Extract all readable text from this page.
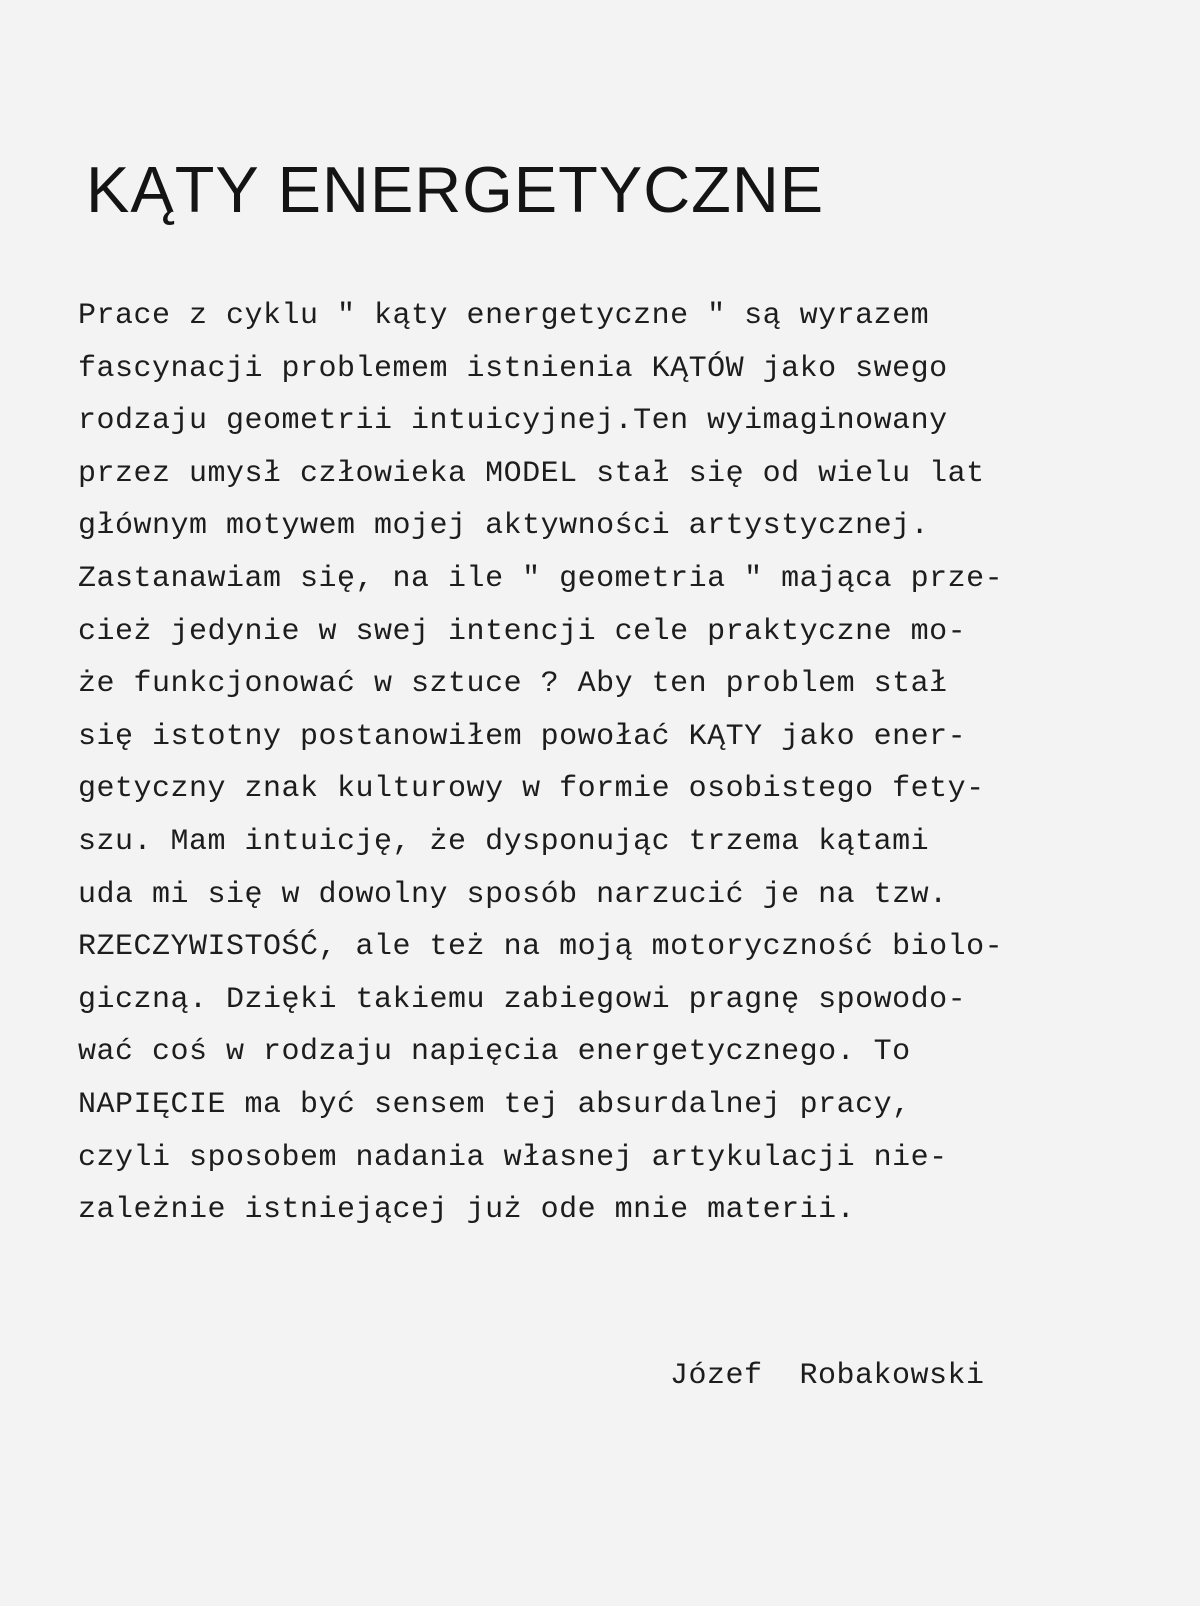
KĄTY ENERGETYCZNE
Prace z cyklu " kąty energetyczne " są wyrazem
fascynacji problemem istnienia KĄTÓW jako swego
rodzaju geometrii intuicyjnej.Ten wyimaginowany
przez umysł człowieka MODEL stał się od wielu lat
głównym motywem mojej aktywności artystycznej.
Zastanawiam się, na ile " geometria " mająca prze-
cież jedynie w swej intencji cele praktyczne mo-
że funkcjonować w sztuce ? Aby ten problem stał
się istotny postanowiłem powołać KĄTY jako ener-
getyczny znak kulturowy w formie osobistego fety-
szu. Mam intuicję, że dysponując trzema kątami
uda mi się w dowolny sposób narzucić je na tzw.
RZECZYWISTOŚĆ, ale też na moją motoryczność biolo-
giczną. Dzięki takiemu zabiegowi pragnę spowodo-
wać coś w rodzaju napięcia energetycznego. To
NAPIĘCIE ma być sensem tej absurdalnej pracy,
czyli sposobem nadania własnej artykulacji nie-
zależnie istniejącej już ode mnie materii.

Józef  Robakowski
